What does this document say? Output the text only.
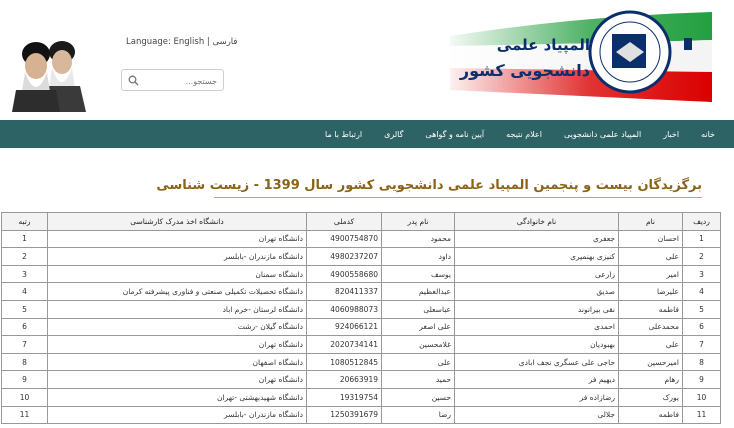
Language: English | فارسی
جستجو...	المپیاد علمی
دانشجویی کشور
خانه
اخبار
المپیاد علمی دانشجویی
اعلام نتیجه
آیین نامه و گواهی
گالری
ارتباط با ما
برگزیدگان بیست و پنجمین المپیاد علمی دانشجویی کشور سال 1399 - زیست شناسی
ردیف	نام	نام خانوادگی	نام پدر	کدملی	دانشگاه اخذ مدرک کارشناسی	رتبه
1	احسان	جعفری	محمود	4900754870	دانشگاه تهران	1
2	علی	کنیزی بهنمیری	داود	4980237207	دانشگاه مازندران -بابلسر	2
3	امیر	زارعی	یوسف	4900558680	دانشگاه سمنان	3
4	علیرضا	صدیق	عبدالعظیم	820411337	دانشگاه تحصیلات تکمیلی صنعتی و فناوری پیشرفته کرمان	4
5	فاطمه	نقی بیرانوند	عباسعلی	4060988073	دانشگاه لرستان -خرم اباد	5
6	محمدعلی	احمدی	علی اصغر	924066121	دانشگاه گیلان -رشت	6
7	علی	بهبودیان	غلامحسین	2020734141	دانشگاه تهران	7
8	امیرحسین	حاجی علی عسگری نجف ابادی	علی	1080512845	دانشگاه اصفهان	8
9	رهام	دیهیم فر	حمید	20663919	دانشگاه تهران	9
10	یورک	رضازاده فر	حسین	19319754	دانشگاه شهیدبهشتی -تهران	10
11	فاطمه	جلالی	رضا	1250391679	دانشگاه مازندران -بابلسر	11
